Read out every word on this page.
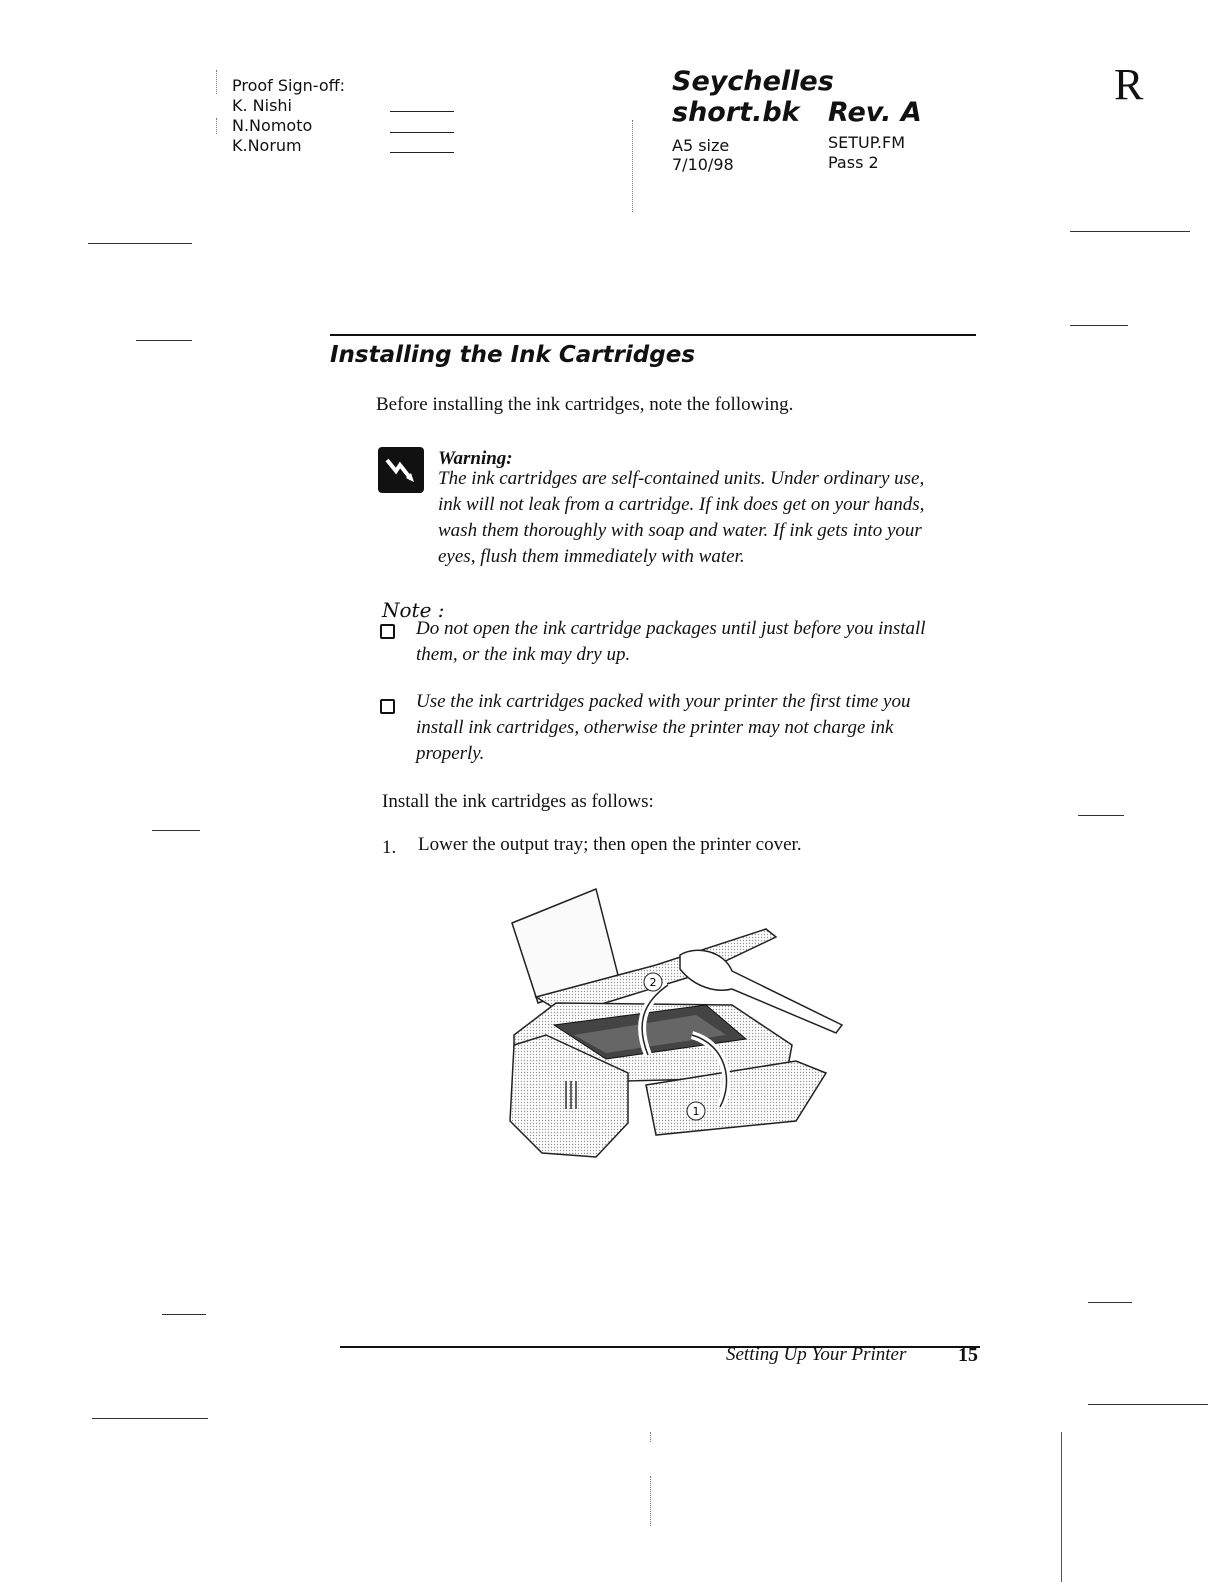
Proof Sign-off:
K. Nishi
N.Nomoto
K.Norum
Seychelles
short.bk Rev. A
A5 size
7/10/98
SETUP.FM
Pass 2
R
Installing the Ink Cartridges
Before installing the ink cartridges, note the following.
Warning:
The ink cartridges are self-contained units. Under ordinary use,
ink will not leak from a cartridge. If ink does get on your hands,
wash them thoroughly with soap and water. If ink gets into your
eyes, flush them immediately with water.
Note :
Do not open the ink cartridge packages until just before you install
them, or the ink may dry up.
Use the ink cartridges packed with your printer the first time you
install ink cartridges, otherwise the printer may not charge ink
properly.
Install the ink cartridges as follows:
1. Lower the output tray; then open the printer cover.
2
1
Setting Up Your Printer	15
